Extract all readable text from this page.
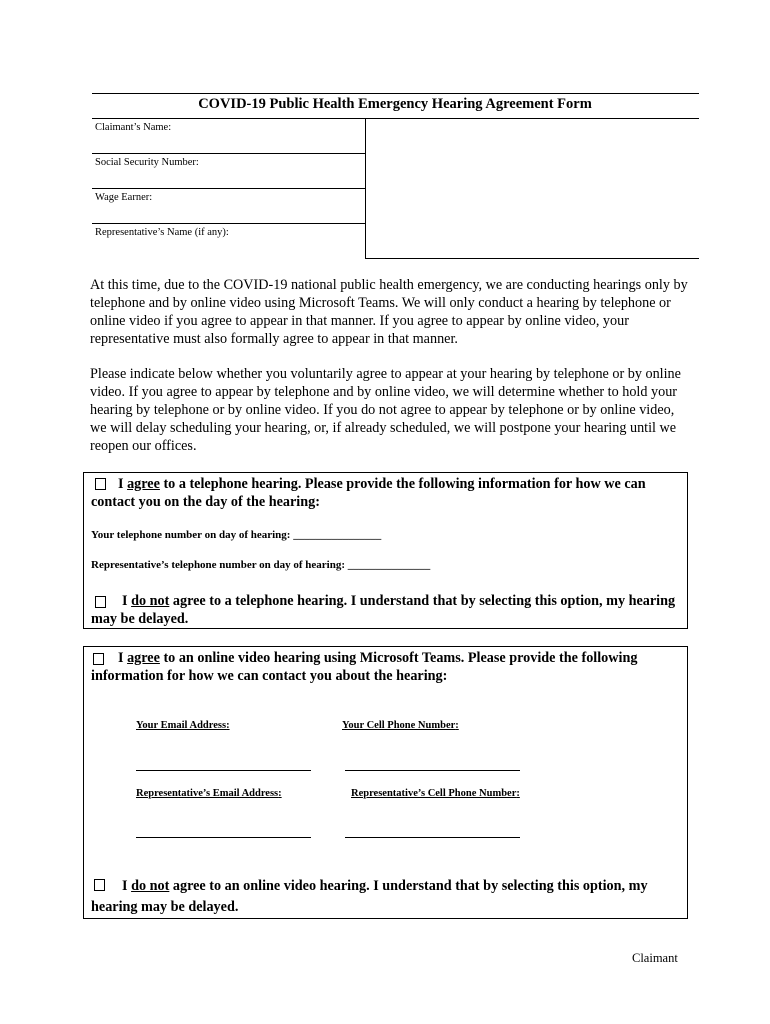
COVID-19 Public Health Emergency Hearing Agreement Form
Claimant’s Name:
Social Security Number:
Wage Earner:
Representative’s Name (if any):
At this time, due to the COVID-19 national public health emergency, we are conducting hearings only by telephone and by online video using Microsoft Teams. We will only conduct a hearing by telephone or online video if you agree to appear in that manner. If you agree to appear by online video, your representative must also formally agree to appear in that manner.
Please indicate below whether you voluntarily agree to appear at your hearing by telephone or by online video. If you agree to appear by telephone and by online video, we will determine whether to hold your hearing by telephone or by online video. If you do not agree to appear by telephone or by online video, we will delay scheduling your hearing, or, if already scheduled, we will postpone your hearing until we reopen our offices.
I agree to a telephone hearing. Please provide the following information for how we can contact you on the day of the hearing:
Your telephone number on day of hearing: ________________
Representative’s telephone number on day of hearing: _______________
I do not agree to a telephone hearing. I understand that by selecting this option, my hearing may be delayed.
I agree to an online video hearing using Microsoft Teams. Please provide the following information for how we can contact you about the hearing:
Your Email Address:	Your Cell Phone Number:
Representative’s Email Address:	Representative’s Cell Phone Number:
I do not agree to an online video hearing. I understand that by selecting this option, my hearing may be delayed.
Claimant
